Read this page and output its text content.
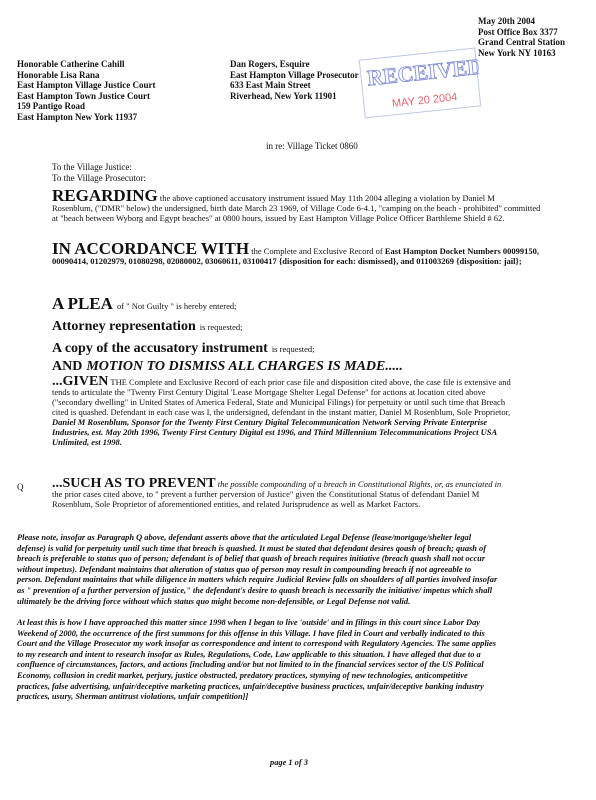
May 20th 2004
Post Office Box 3377
Grand Central Station
New York NY 10163
Honorable Catherine Cahill
Honorable Lisa Rana
East Hampton Village Justice Court
East Hampton Town Justice Court
159 Pantigo Road
East Hampton New York 11937
Dan Rogers, Esquire
East Hampton Village Prosecutor
633 East Main Street
Riverhead, New York 11901
RECEIVED
MAY 20 2004
in re: Village Ticket 0860
To the Village Justice:
To the Village Prosecutor:
REGARDING the above captioned accusatory instrument issued May 11th 2004 alleging a violation by Daniel M
Rosenblum, ("DMR" below) the undersigned, birth date March 23 1969, of Village Code 6-4.1, "camping on the beach - prohibited" committed
at "beach between Wyborg and Egypt beaches" at 0800 hours, issued by East Hampton Village Police Officer Barthleme Shield # 62.
IN ACCORDANCE WITH the Complete and Exclusive Record of East Hampton Docket Numbers 00099150,
00090414, 01202979, 01080298, 02080002, 03060611, 03100417 {disposition for each: dismissed}, and 011003269 {disposition: jail};
A PLEA of " Not Guilty " is hereby entered;
Attorney representation is requested;
A copy of the accusatory instrument is requested;
AND MOTION TO DISMISS ALL CHARGES IS MADE.....
...GIVEN THE Complete and Exclusive Record of each prior case file and disposition cited above, the case file is extensive and
tends to articulate the "Twenty First Century Digital 'Lease Mortgage Shelter Legal Defense" for actions at location cited above
("secondary dwelling" in United States of America Federal, State and Municipal Filings) for perpetuity or until such time that Breach
cited is quashed. Defendant in each case was I, the undersigned, defendant in the instant matter, Daniel M Rosenblum, Sole Proprietor,
Daniel M Rosenblum, Sponsor for the Twenty First Century Digital Telecommunication Network Serving Private Enterprise
Industries, est. May 20th 1996, Twenty First Century Digital est 1996, and Third Millennium Telecommunications Project USA
Unlimited, est 1998.
Q ...SUCH AS TO PREVENT the possible compounding of a breach in Constitutional Rights, or, as enunciated in
the prior cases cited above, to " prevent a further perversion of Justice" given the Constitutional Status of defendant Daniel M
Rosenblum, Sole Proprietor of aforementioned entities, and related Jurisprudence as well as Market Factors.
Please note, insofar as Paragraph Q above, defendant asserts above that the articulated Legal Defense (lease/mortgage/shelter legal
defense) is valid for perpetuity until such time that breach is quashed. It must be stated that defendant desires qoash of breach; quash of
breach is preferable to status quo of person; defendant is of belief that quash of breach requires initiative (breach quash shall not occur
without impetus). Defendant maintains that alteration of status quo of person may result in compounding breach if not agreeable to
person. Defendant maintains that while diligence in matters which require Judicial Review falls on shoulders of all parties involved insofar
as " prevention of a further perversion of justice," the defendant's desire to quash breach is necessarily the initiative/ impetus which shall
ultimately be the driving force without which status quo might become non-defensible, or Legal Defense not valid.
At least this is how I have approached this matter since 1998 when I began to live 'outside' and in filings in this court since Labor Day
Weekend of 2000, the occurrence of the first summons for this offense in this Village. I have filed in Court and verbally indicated to this
Court and the Village Prosecutor my work insofar as correspondence and intent to correspond with Regulatory Agencies. The same applies
to my research and intent to research insofar as Rules, Regulations, Code, Law applicable to this situation. I have alleged that due to a
confluence of circumstances, factors, and actions [including and/or but not limited to in the financial services sector of the US Political
Economy, collusion in credit market, perjury, justice obstructed, predatory practices, stymying of new technologies, anticompetitive
practices, false advertising, unfair/deceptive marketing practices, unfair/deceptive business practices, unfair/deceptive banking industry
practices, usury, Sherman antitrust violations, unfair competition}]
page 1 of 3
